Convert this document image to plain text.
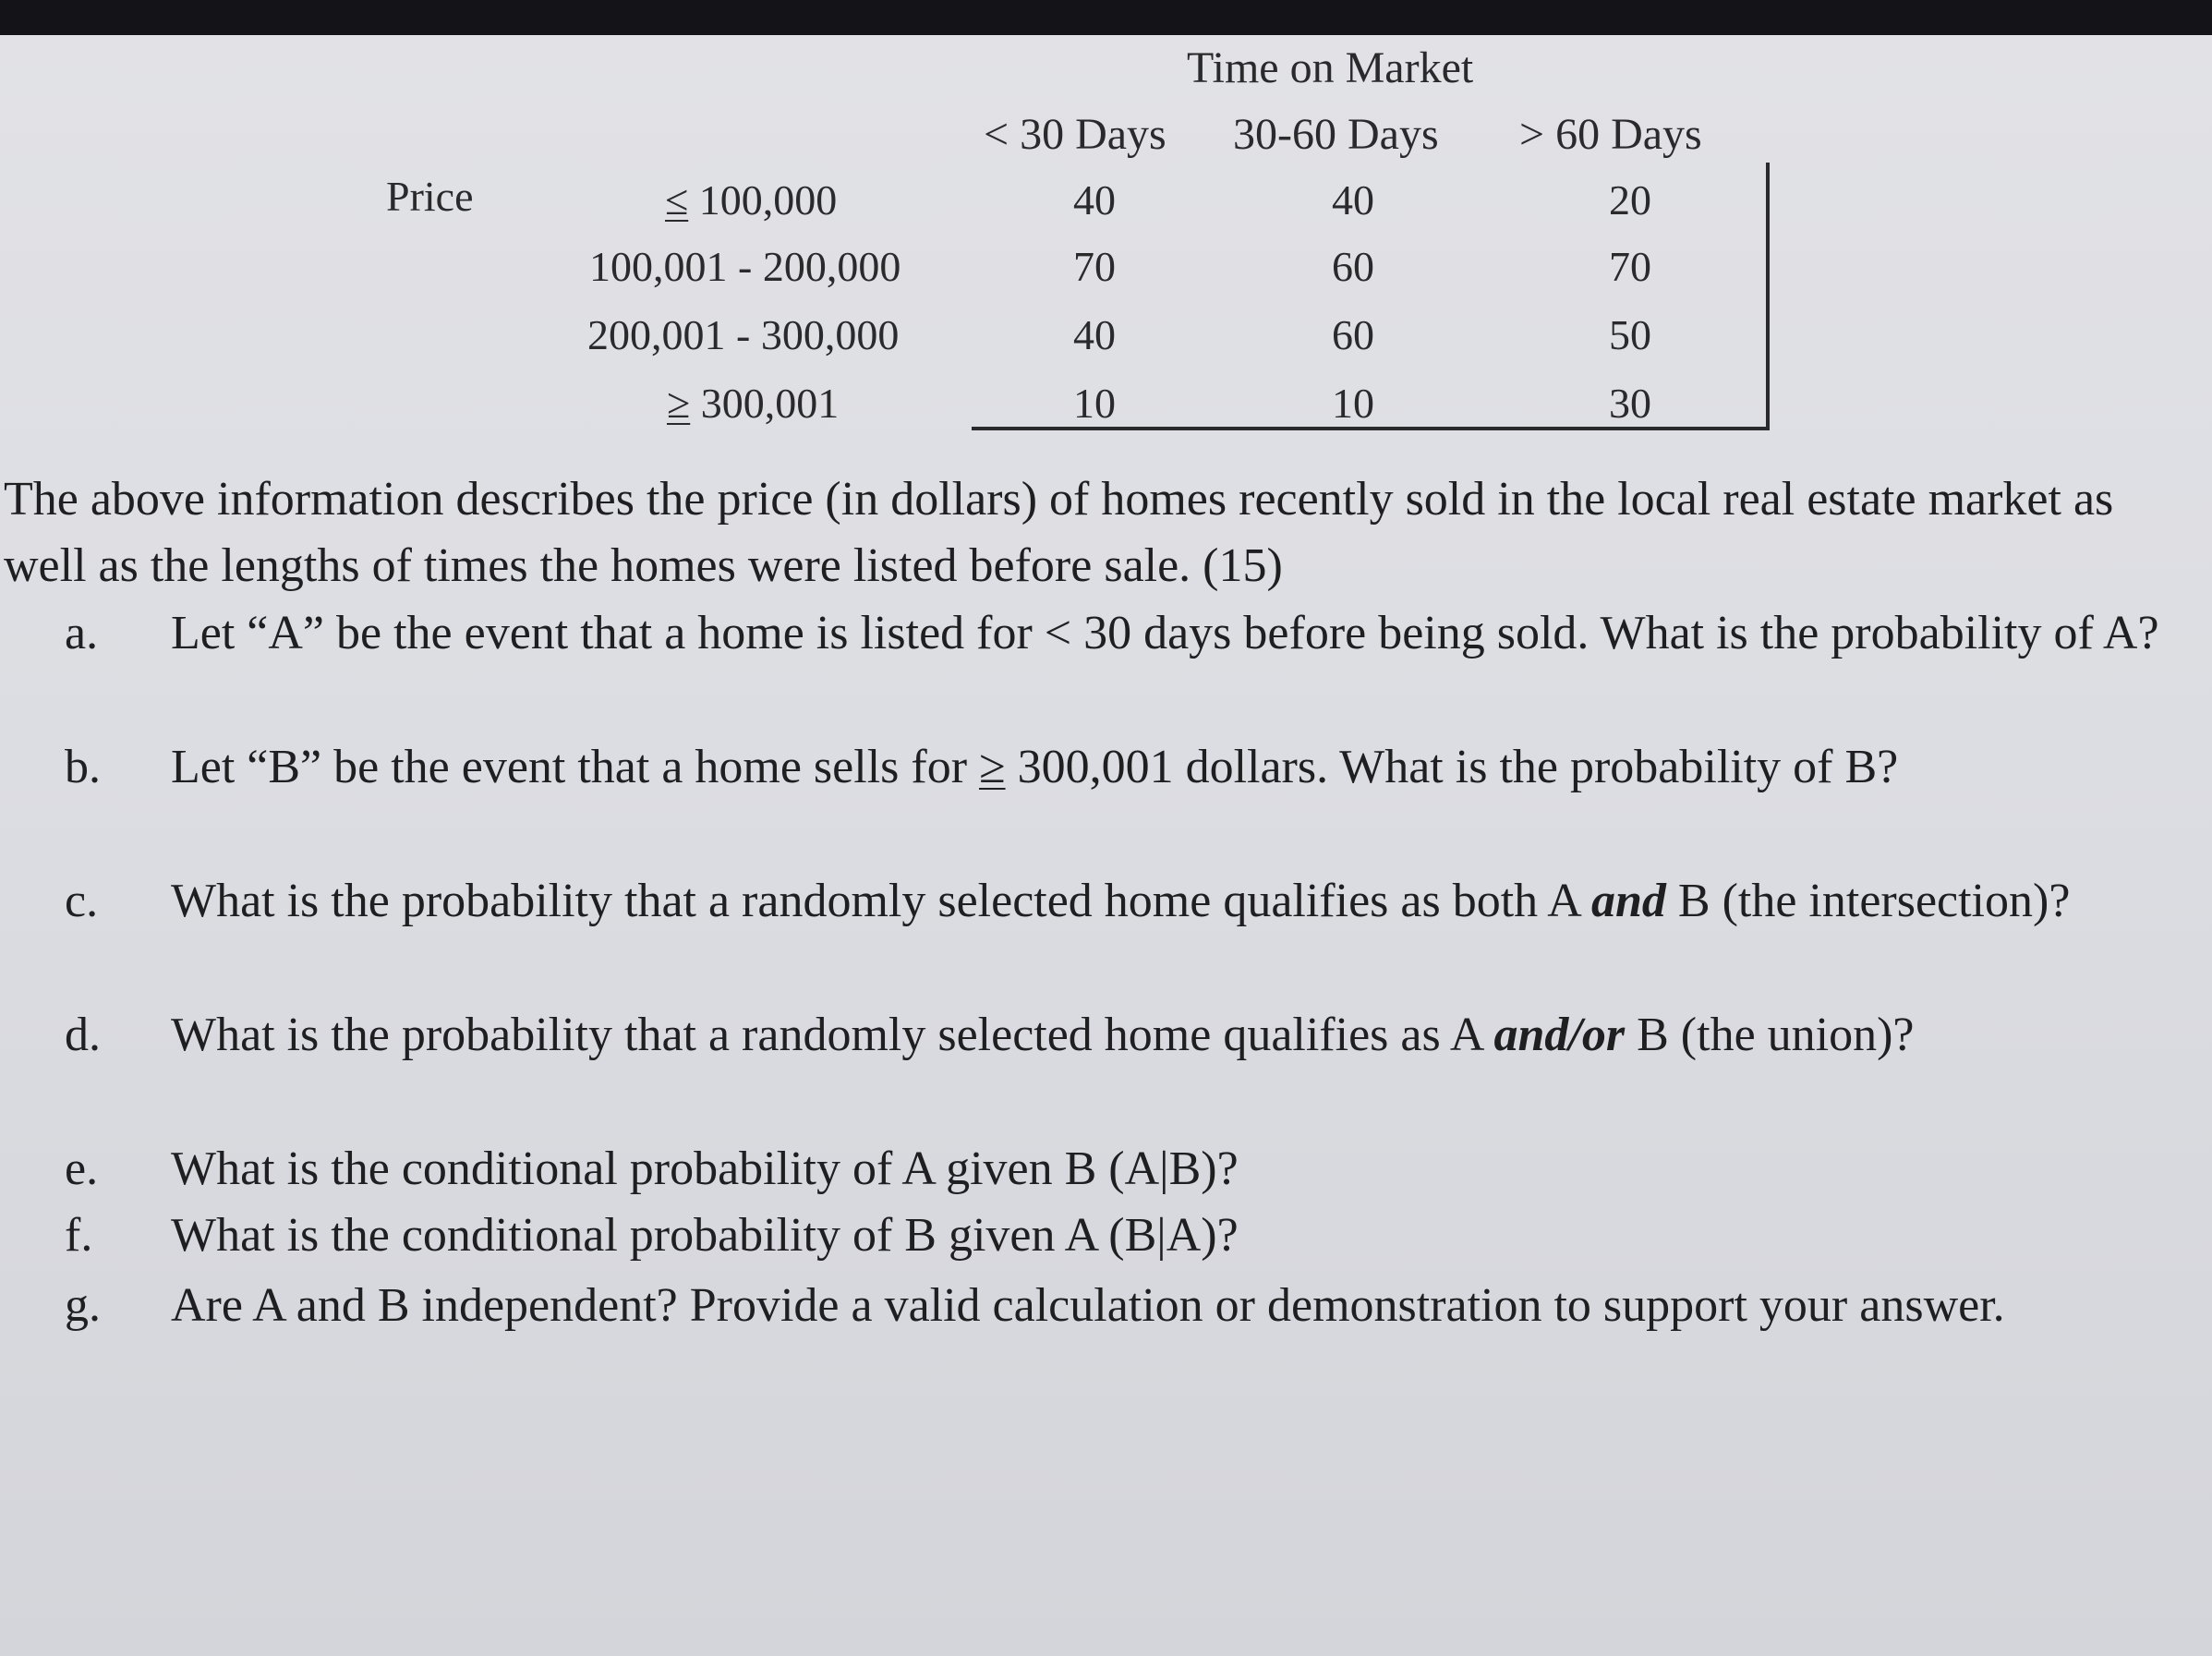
Time on Market
< 30 Days 30-60 Days > 60 Days
Price	≤ 100,000	40	40	20
100,001 - 200,000	70	60	70
200,001 - 300,000	40	60	50
≥ 300,001	10	10	30
The above information describes the price (in dollars) of homes recently sold in the local real estate market as well as the lengths of times the homes were listed before sale. (15)
a. Let “A” be the event that a home is listed for < 30 days before being sold. What is the probability of A?
b. Let “B” be the event that a home sells for ≥ 300,001 dollars. What is the probability of B?
c. What is the probability that a randomly selected home qualifies as both A and B (the intersection)?
d. What is the probability that a randomly selected home qualifies as A and/or B (the union)?
e. What is the conditional probability of A given B (A|B)?
f. What is the conditional probability of B given A (B|A)?
g. Are A and B independent? Provide a valid calculation or demonstration to support your answer.
